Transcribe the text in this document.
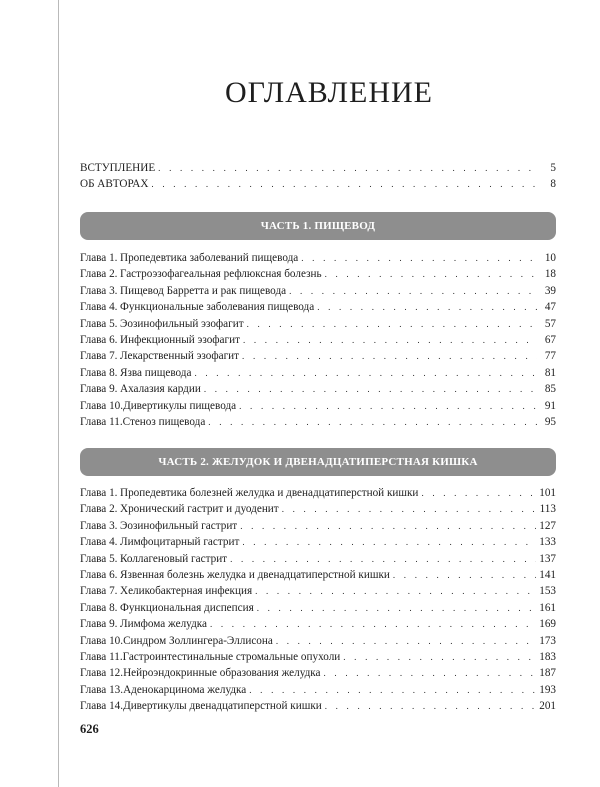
ОГЛАВЛЕНИЕ
ВСТУПЛЕНИЕ . . .	5
ОБ АВТОРАХ . . .	8
ЧАСТЬ 1. ПИЩЕВОД
Глава 1. Пропедевтика заболеваний пищевода . . .	10
Глава 2. Гастроэзофагеальная рефлюксная болезнь . . .	18
Глава 3. Пищевод Барретта и рак пищевода . . .	39
Глава 4. Функциональные заболевания пищевода . . .	47
Глава 5. Эозинофильный эзофагит . . .	57
Глава 6. Инфекционный эзофагит . . .	67
Глава 7. Лекарственный эзофагит . . .	77
Глава 8. Язва пищевода . . .	81
Глава 9. Ахалазия кардии . . .	85
Глава 10.Дивертикулы пищевода . . .	91
Глава 11.Стеноз пищевода . . .	95
ЧАСТЬ 2. ЖЕЛУДОК И ДВЕНАДЦАТИПЕРСТНАЯ КИШКА
Глава 1. Пропедевтика болезней желудка и двенадцатиперстной кишки . . .	101
Глава 2. Хронический гастрит и дуоденит . . .	113
Глава 3. Эозинофильный гастрит . . .	127
Глава 4. Лимфоцитарный гастрит . . .	133
Глава 5. Коллагеновый гастрит . . .	137
Глава 6. Язвенная болезнь желудка и двенадцатиперстной кишки . . .	141
Глава 7. Хеликобактерная инфекция . . .	153
Глава 8. Функциональная диспепсия . . .	161
Глава 9. Лимфома желудка . . .	169
Глава 10.Синдром Золлингера-Эллисона . . .	173
Глава 11.Гастроинтестинальные стромальные опухоли . . .	183
Глава 12.Нейроэндокринные образования желудка . . .	187
Глава 13.Аденокарцинома желудка . . .	193
Глава 14.Дивертикулы двенадцатиперстной кишки . . .	201
626
